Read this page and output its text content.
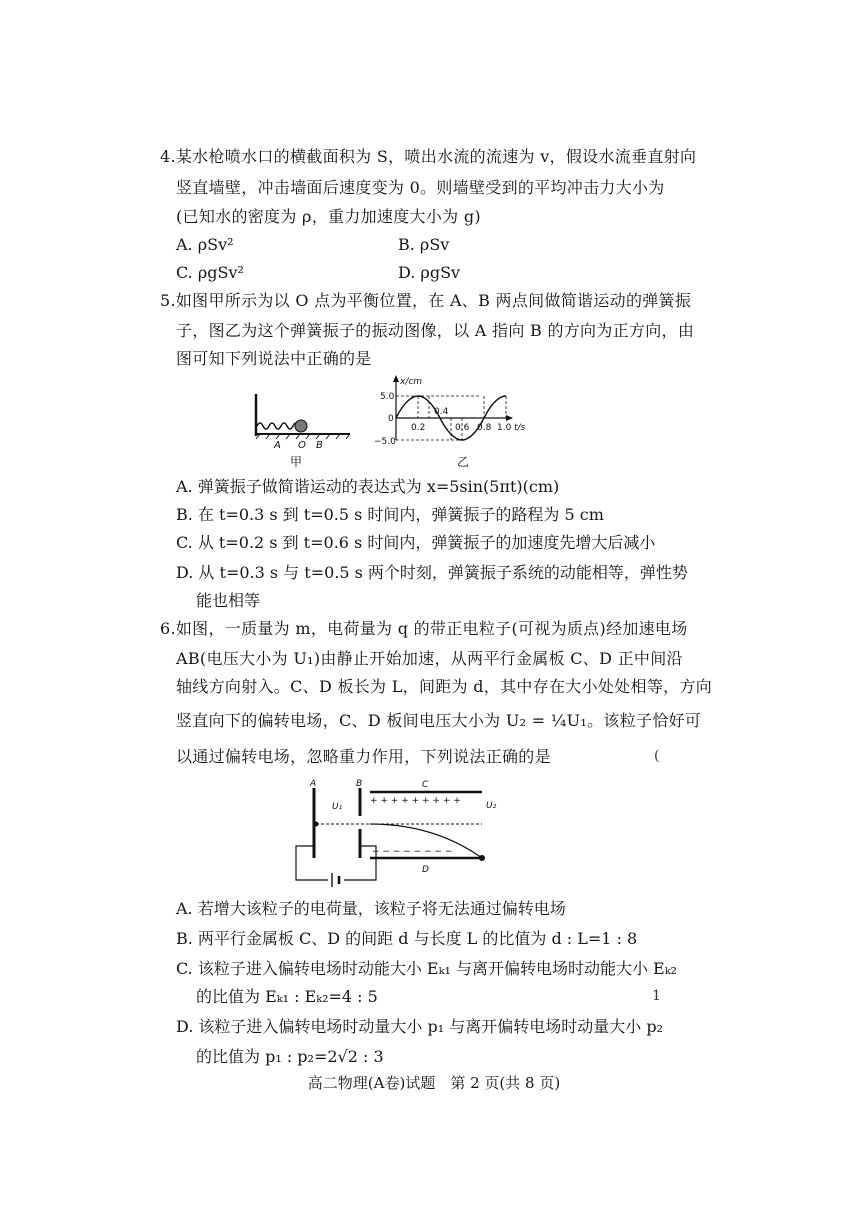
4.某水枪喷水口的横截面积为 S，喷出水流的流速为 v，假设水流垂直射向
竖直墙壁，冲击墙面后速度变为 0。则墙壁受到的平均冲击力大小为
(已知水的密度为 ρ，重力加速度大小为 g)
A. ρSv²	B. ρSv
C. ρgSv²	D. ρgSv
5.如图甲所示为以 O 点为平衡位置，在 A、B 两点间做简谐运动的弹簧振
子，图乙为这个弹簧振子的振动图像，以 A 指向 B 的方向为正方向，由
图可知下列说法中正确的是
A O B
甲
x/cm
t/s
5.0
0
−5.0
0.2
0.4
0.6 0.8 1.0
乙
A. 弹簧振子做简谐运动的表达式为 x=5sin(5πt)(cm)
B. 在 t=0.3 s 到 t=0.5 s 时间内，弹簧振子的路程为 5 cm
C. 从 t=0.2 s 到 t=0.6 s 时间内，弹簧振子的加速度先增大后减小
D. 从 t=0.3 s 与 t=0.5 s 两个时刻，弹簧振子系统的动能相等，弹性势
能也相等
6.如图，一质量为 m，电荷量为 q 的带正电粒子(可视为质点)经加速电场
AB(电压大小为 U₁)由静止开始加速，从两平行金属板 C、D 正中间沿
轴线方向射入。C、D 板长为 L，间距为 d，其中存在大小处处相等，方向
竖直向下的偏转电场，C、D 板间电压大小为 U₂ = ¼U₁。该粒子恰好可
以通过偏转电场，忽略重力作用，下列说法正确的是
A	B
U₁
C
+ + + + + + + + +	U₂
− − − − − − − −
D
A. 若增大该粒子的电荷量，该粒子将无法通过偏转电场
B. 两平行金属板 C、D 的间距 d 与长度 L 的比值为 d : L=1 : 8
C. 该粒子进入偏转电场时动能大小 Eₖ₁ 与离开偏转电场时动能大小 Eₖ₂
的比值为 Eₖ₁ : Eₖ₂=4 : 5
D. 该粒子进入偏转电场时动量大小 p₁ 与离开偏转电场时动量大小 p₂
的比值为 p₁ : p₂=2√2 : 3
高二物理(A卷)试题　第 2 页(共 8 页)
(
1
